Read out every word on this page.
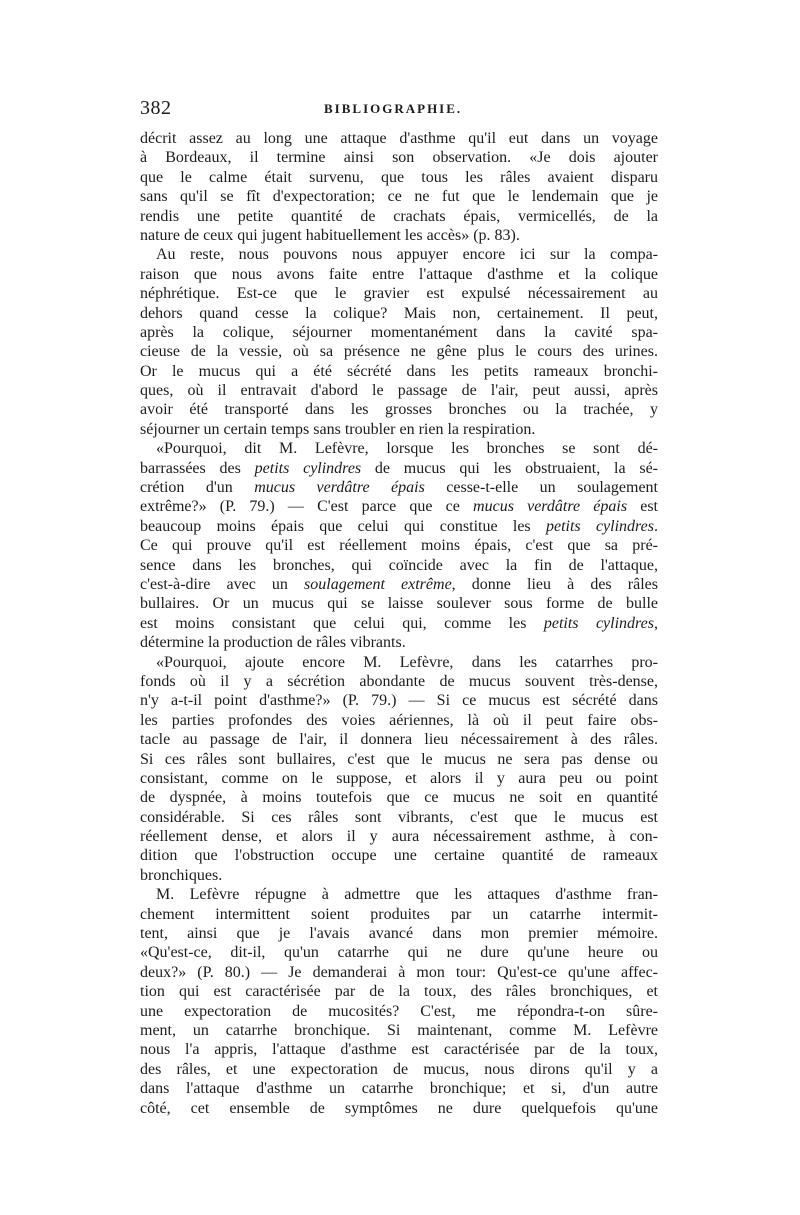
382	BIBLIOGRAPHIE.
décrit assez au long une attaque d'asthme qu'il eut dans un voyage
à Bordeaux, il termine ainsi son observation. «Je dois ajouter
que le calme était survenu, que tous les râles avaient disparu
sans qu'il se fît d'expectoration; ce ne fut que le lendemain que je
rendis une petite quantité de crachats épais, vermicellés, de la
nature de ceux qui jugent habituellement les accès» (p. 83).
Au reste, nous pouvons nous appuyer encore ici sur la compa-
raison que nous avons faite entre l'attaque d'asthme et la colique
néphrétique. Est-ce que le gravier est expulsé nécessairement au
dehors quand cesse la colique? Mais non, certainement. Il peut,
après la colique, séjourner momentanément dans la cavité spa-
cieuse de la vessie, où sa présence ne gêne plus le cours des urines.
Or le mucus qui a été sécrété dans les petits rameaux bronchi-
ques, où il entravait d'abord le passage de l'air, peut aussi, après
avoir été transporté dans les grosses bronches ou la trachée, y
séjourner un certain temps sans troubler en rien la respiration.
«Pourquoi, dit M. Lefèvre, lorsque les bronches se sont dé-
barrassées des petits cylindres de mucus qui les obstruaient, la sé-
crétion d'un mucus verdâtre épais cesse-t-elle un soulagement
extrême?» (P. 79.) — C'est parce que ce mucus verdâtre épais est
beaucoup moins épais que celui qui constitue les petits cylindres.
Ce qui prouve qu'il est réellement moins épais, c'est que sa pré-
sence dans les bronches, qui coïncide avec la fin de l'attaque,
c'est-à-dire avec un soulagement extrême, donne lieu à des râles
bullaires. Or un mucus qui se laisse soulever sous forme de bulle
est moins consistant que celui qui, comme les petits cylindres,
détermine la production de râles vibrants.
«Pourquoi, ajoute encore M. Lefèvre, dans les catarrhes pro-
fonds où il y a sécrétion abondante de mucus souvent très-dense,
n'y a-t-il point d'asthme?» (P. 79.) — Si ce mucus est sécrété dans
les parties profondes des voies aériennes, là où il peut faire obs-
tacle au passage de l'air, il donnera lieu nécessairement à des râles.
Si ces râles sont bullaires, c'est que le mucus ne sera pas dense ou
consistant, comme on le suppose, et alors il y aura peu ou point
de dyspnée, à moins toutefois que ce mucus ne soit en quantité
considérable. Si ces râles sont vibrants, c'est que le mucus est
réellement dense, et alors il y aura nécessairement asthme, à con-
dition que l'obstruction occupe une certaine quantité de rameaux
bronchiques.
M. Lefèvre répugne à admettre que les attaques d'asthme fran-
chement intermittent soient produites par un catarrhe intermit-
tent, ainsi que je l'avais avancé dans mon premier mémoire.
«Qu'est-ce, dit-il, qu'un catarrhe qui ne dure qu'une heure ou
deux?» (P. 80.) — Je demanderai à mon tour: Qu'est-ce qu'une affec-
tion qui est caractérisée par de la toux, des râles bronchiques, et
une expectoration de mucosités? C'est, me répondra-t-on sûre-
ment, un catarrhe bronchique. Si maintenant, comme M. Lefèvre
nous l'a appris, l'attaque d'asthme est caractérisée par de la toux,
des râles, et une expectoration de mucus, nous dirons qu'il y a
dans l'attaque d'asthme un catarrhe bronchique; et si, d'un autre
côté, cet ensemble de symptômes ne dure quelquefois qu'une
